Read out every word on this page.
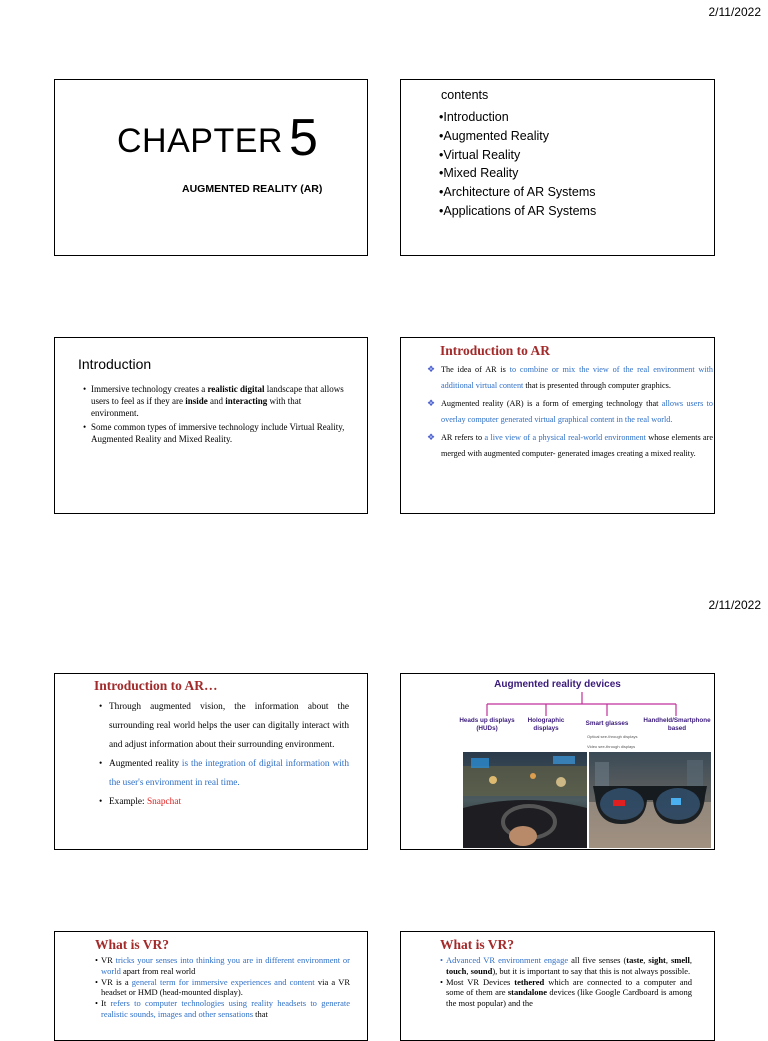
2/11/2022
2/11/2022
CHAPTER 5
AUGMENTED REALITY (AR)
contents
•Introduction
•Augmented Reality
•Virtual Reality
•Mixed Reality
•Architecture of AR Systems
•Applications of AR Systems
Introduction

• Immersive technology creates a realistic digital landscape that allows users to feel as if they are inside and interacting with that environment.

• Some common types of immersive technology include Virtual Reality, Augmented Reality and Mixed Reality.

Introduction to AR

❖ The idea of AR is to combine or mix the view of the real environment with additional virtual content that is presented through computer graphics.

❖ Augmented reality (AR) is a form of emerging technology that allows users to overlay computer generated virtual graphical content in the real world.

❖ AR refers to a live view of a physical real-world environment whose elements are merged with augmented computer- generated images creating a mixed reality.

Introduction to AR…

• Through augmented vision, the information about the surrounding real world helps the user can digitally interact with and adjust information about their surrounding environment.

• Augmented reality is the integration of digital information with the user's environment in real time.

• Example: Snapchat

Augmented reality devices
Heads up displays (HUDs)
Holographic displays
Smart glasses	Handheld/Smartphone based
Optical see-through displays
Video see-through displays
What is VR?

• VR tricks your senses into thinking you are in different environment or world apart from real world

• VR is a general term for immersive experiences and content via a VR headset or HMD (head-mounted display).

• It refers to computer technologies using reality headsets to generate realistic sounds, images and other sensations that

What is VR?

• Advanced VR environment engage all five senses (taste, sight, smell, touch, sound), but it is important to say that this is not always possible.

• Most VR Devices tethered which are connected to a computer and some of them are standalone devices (like Google Cardboard is among the most popular) and the
